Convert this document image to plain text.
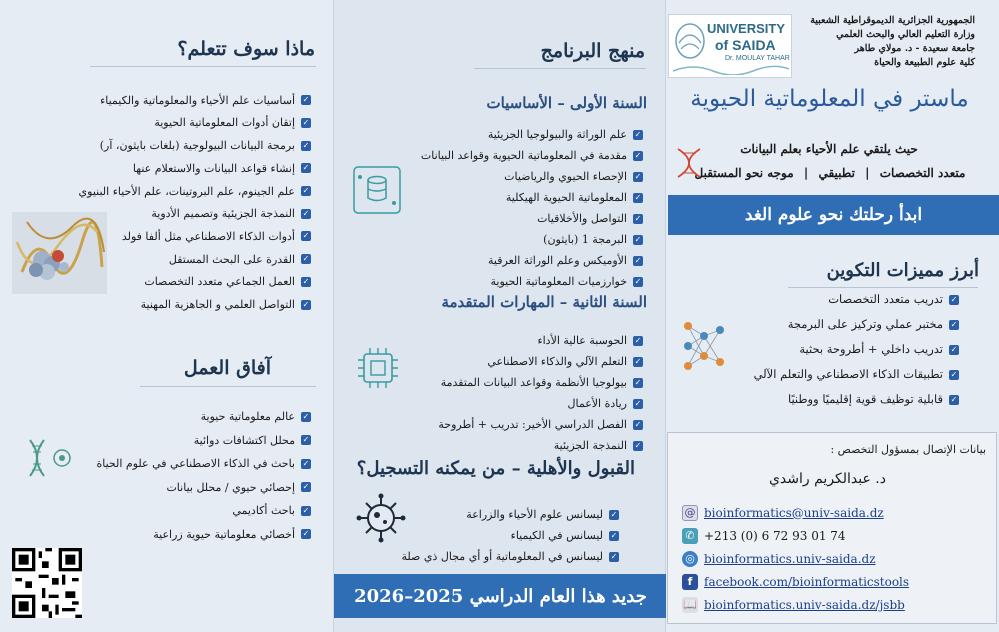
ماذا سوف تتعلم؟
✓
أساسيات علم الأحياء والمعلوماتية والكيمياء
✓
إتقان أدوات المعلوماتية الحيوية
✓
برمجة البيانات البيولوجية (بلغات بايثون، آر)
✓
إنشاء قواعد البيانات والاستعلام عنها
✓
علم الجينوم، علم البروتينات، علم الأحياء البنيوي
✓
النمذجة الجزيئية وتصميم الأدوية
✓
أدوات الذكاء الاصطناعي مثل ألفا فولد
✓
القدرة على البحث المستقل
✓
العمل الجماعي متعدد التخصصات
✓
التواصل العلمي و الجاهزية المهنية
آفاق العمل
✓
عالم معلوماتية حيوية
✓
محلل اكتشافات دوائية
✓
باحث في الذكاء الاصطناعي في علوم الحياة
✓
إحصائي حيوي / محلل بيانات
✓
باحث أكاديمي
✓
أخصائي معلوماتية حيوية زراعية
منهج البرنامج
السنة الأولى – الأساسيات
✓
علم الوراثة والبيولوجيا الجزيئية
✓
مقدمة في المعلوماتية الحيوية وقواعد البيانات
✓
الإحصاء الحيوي والرياضيات
✓
المعلوماتية الحيوية الهيكلية
✓
التواصل والأخلاقيات
✓
البرمجة 1 (بايثون)
✓
الأوميكس وعلم الوراثة العرقية
✓
خوارزميات المعلوماتية الحيوية
السنة الثانية – المهارات المتقدمة
✓
الحوسبة عالية الأداء
✓
التعلم الآلي والذكاء الاصطناعي
✓
بيولوجيا الأنظمة وقواعد البيانات المتقدمة
✓
ريادة الأعمال
✓
الفصل الدراسي الأخير: تدريب + أطروحة
✓
النمذجة الجزيئية
القبول والأهلية – من يمكنه التسجيل؟
✓
ليسانس علوم الأحياء والزراعة
✓
ليسانس في الكيمياء
✓
ليسانس في المعلوماتية أو أي مجال ذي صلة
جديد هذا العام الدراسي 2025–2026
UNIVERSITY
of SAIDA
Dr. MOULAY TAHAR
الجمهورية الجزائرية الديموقراطية الشعبية
وزارة التعليم العالي والبحث العلمي
جامعة سعيدة - د. مولاي طاهر
كلية علوم الطبيعة والحياة
ماستر في المعلوماتية الحيوية
حيث يلتقي علم الأحياء بعلم البيانات
متعدد التخصصات | تطبيقي | موجه نحو المستقبل
ابدأ رحلتك نحو علوم الغد
أبرز مميزات التكوين
✓
تدريب متعدد التخصصات
✓
مختبر عملي وتركيز على البرمجة
✓
تدريب داخلي + أطروحة بحثية
✓
تطبيقات الذكاء الاصطناعي والتعلم الآلي
✓
قابلية توظيف قوية إقليميًا ووطنيًا
بيانات الإتصال بمسؤول التخصص :
د. عبدالكريم راشدي
@ bioinformatics@univ-saida.dz
✆ +213 (0) 6 72 93 01 74
◎ bioinformatics.univ-saida.dz
f facebook.com/bioinformaticstools
📖 bioinformatics.univ-saida.dz/jsbb
